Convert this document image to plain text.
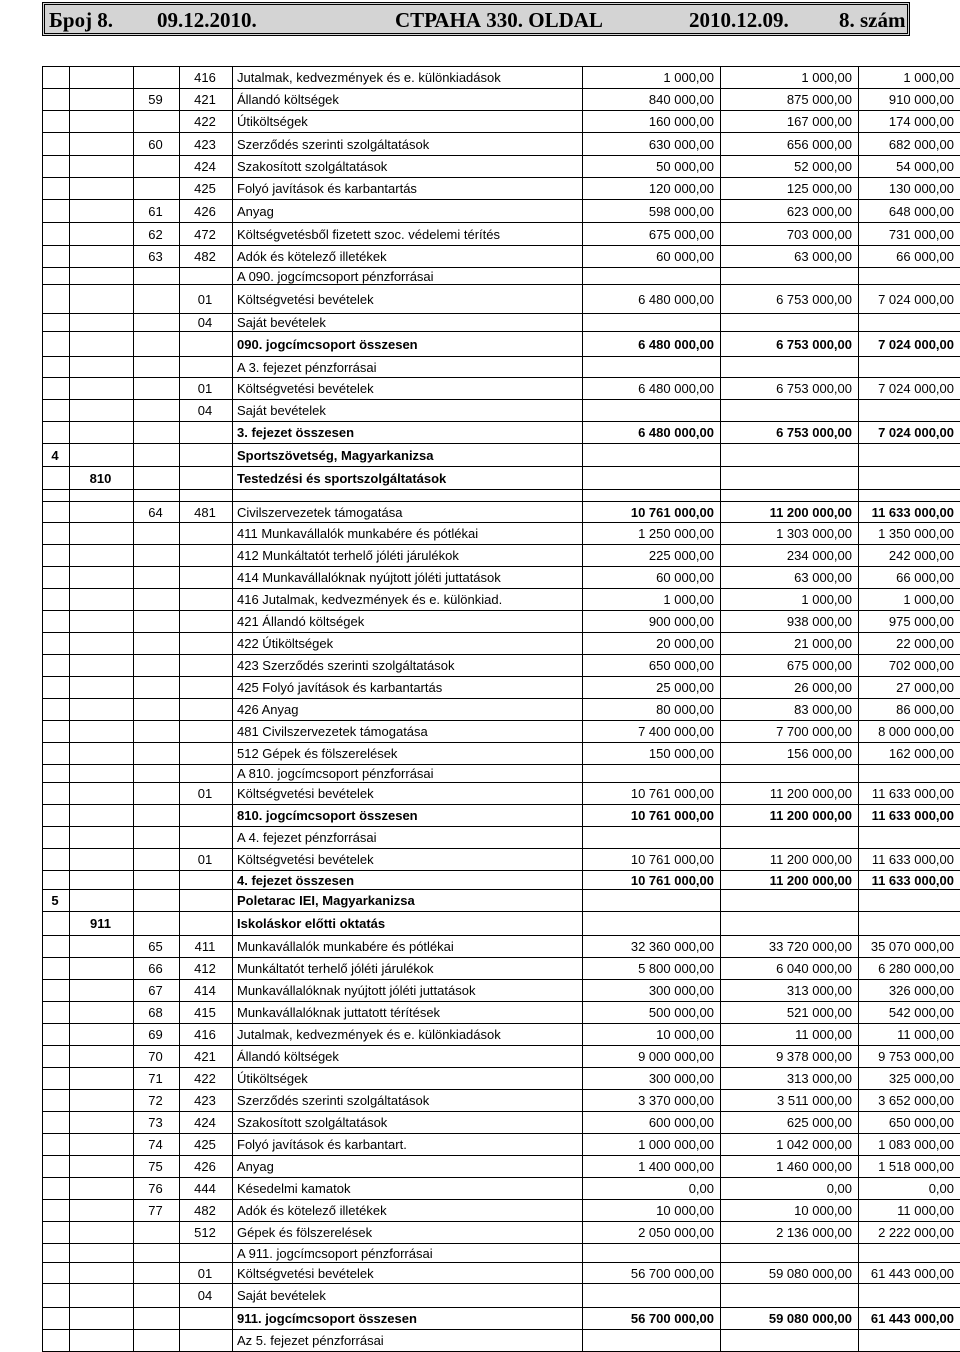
Број 8. 09.12.2010.	СТРАНА 330. OLDAL	2010.12.09. 8. szám
			416	Jutalmak, kedvezmények és e. különkiadások	1 000,00	1 000,00	1 000,00
		59	421	Állandó költségek	840 000,00	875 000,00	910 000,00
			422	Útiköltségek	160 000,00	167 000,00	174 000,00
		60	423	Szerződés szerinti szolgáltatások	630 000,00	656 000,00	682 000,00
			424	Szakosított szolgáltatások	50 000,00	52 000,00	54 000,00
			425	Folyó javítások és karbantartás	120 000,00	125 000,00	130 000,00
		61	426	Anyag	598 000,00	623 000,00	648 000,00
		62	472	Költségvetésből fizetett szoc. védelemi térítés	675 000,00	703 000,00	731 000,00
		63	482	Adók és kötelező illetékek	60 000,00	63 000,00	66 000,00
				A 090. jogcímcsoport pénzforrásai			
			01	Költségvetési bevételek	6 480 000,00	6 753 000,00	7 024 000,00
			04	Saját bevételek			
				090. jogcímcsoport összesen	6 480 000,00	6 753 000,00	7 024 000,00
				A 3. fejezet pénzforrásai			
			01	Költségvetési bevételek	6 480 000,00	6 753 000,00	7 024 000,00
			04	Saját bevételek			
				3. fejezet összesen	6 480 000,00	6 753 000,00	7 024 000,00
4				Sportszövetség, Magyarkanizsa			
	810			Testedzési és sportszolgáltatások			

		64	481	Civilszervezetek támogatása	10 761 000,00	11 200 000,00	11 633 000,00
				411 Munkavállalók munkabére és pótlékai	1 250 000,00	1 303 000,00	1 350 000,00
				412 Munkáltatót terhelő jóléti járulékok	225 000,00	234 000,00	242 000,00
				414 Munkavállalóknak nyújtott jóléti juttatások	60 000,00	63 000,00	66 000,00
				416 Jutalmak, kedvezmények és e. különkiad.	1 000,00	1 000,00	1 000,00
				421 Állandó költségek	900 000,00	938 000,00	975 000,00
				422 Útiköltségek	20 000,00	21 000,00	22 000,00
				423 Szerződés szerinti szolgáltatások	650 000,00	675 000,00	702 000,00
				425 Folyó javítások és karbantartás	25 000,00	26 000,00	27 000,00
				426 Anyag	80 000,00	83 000,00	86 000,00
				481 Civilszervezetek támogatása	7 400 000,00	7 700 000,00	8 000 000,00
				512 Gépek és fölszerelések	150 000,00	156 000,00	162 000,00
				A 810. jogcímcsoport pénzforrásai			
			01	Költségvetési bevételek	10 761 000,00	11 200 000,00	11 633 000,00
				810. jogcímcsoport összesen	10 761 000,00	11 200 000,00	11 633 000,00
				A 4. fejezet pénzforrásai			
			01	Költségvetési bevételek	10 761 000,00	11 200 000,00	11 633 000,00
				4. fejezet összesen	10 761 000,00	11 200 000,00	11 633 000,00
5				Poletarac IEI, Magyarkanizsa			
	911			Iskoláskor előtti oktatás			
		65	411	Munkavállalók munkabére és pótlékai	32 360 000,00	33 720 000,00	35 070 000,00
		66	412	Munkáltatót terhelő jóléti járulékok	5 800 000,00	6 040 000,00	6 280 000,00
		67	414	Munkavállalóknak nyújtott jóléti juttatások	300 000,00	313 000,00	326 000,00
		68	415	Munkavállalóknak juttatott térítések	500 000,00	521 000,00	542 000,00
		69	416	Jutalmak, kedvezmények és e. különkiadások	10 000,00	11 000,00	11 000,00
		70	421	Állandó költségek	9 000 000,00	9 378 000,00	9 753 000,00
		71	422	Útiköltségek	300 000,00	313 000,00	325 000,00
		72	423	Szerződés szerinti szolgáltatások	3 370 000,00	3 511 000,00	3 652 000,00
		73	424	Szakosított szolgáltatások	600 000,00	625 000,00	650 000,00
		74	425	Folyó javítások és karbantart.	1 000 000,00	1 042 000,00	1 083 000,00
		75	426	Anyag	1 400 000,00	1 460 000,00	1 518 000,00
		76	444	Késedelmi kamatok	0,00	0,00	0,00
		77	482	Adók és kötelező illetékek	10 000,00	10 000,00	11 000,00
			512	Gépek és fölszerelések	2 050 000,00	2 136 000,00	2 222 000,00
				A 911. jogcímcsoport pénzforrásai			
			01	Költségvetési bevételek	56 700 000,00	59 080 000,00	61 443 000,00
			04	Saját bevételek			
				911. jogcímcsoport összesen	56 700 000,00	59 080 000,00	61 443 000,00
				Az 5. fejezet pénzforrásai			
